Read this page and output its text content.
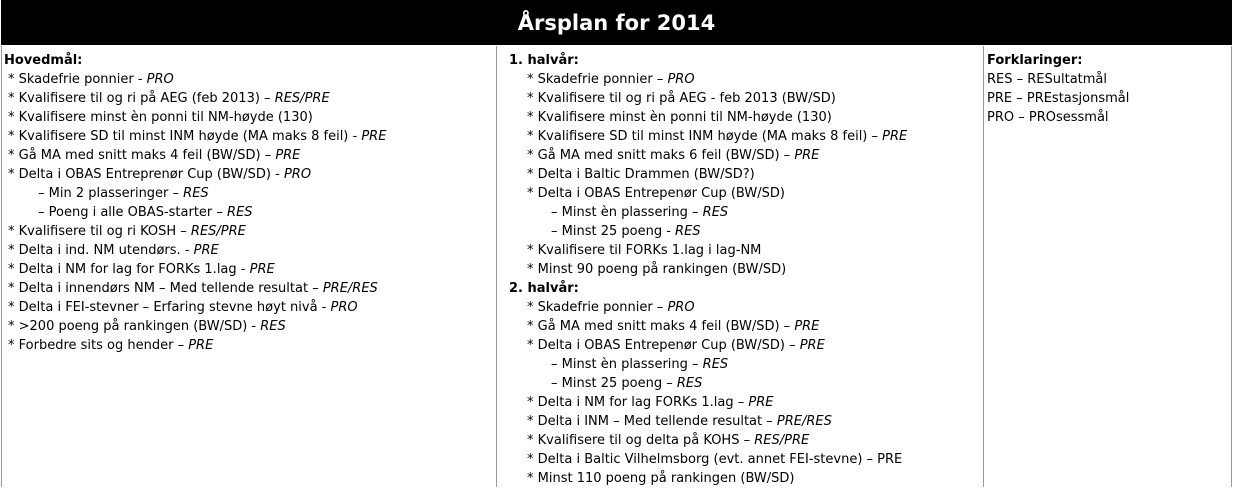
Årsplan for 2014
Hovedmål:
* Skadefrie ponnier - PRO
* Kvalifisere til og ri på AEG (feb 2013) – RES/PRE
* Kvalifisere minst èn ponni til NM-høyde (130)
* Kvalifisere SD til minst INM høyde (MA maks 8 feil) - PRE
* Gå MA med snitt maks 4 feil (BW/SD) – PRE
* Delta i OBAS Entreprenør Cup (BW/SD) - PRO
– Min 2 plasseringer – RES
– Poeng i alle OBAS-starter – RES
* Kvalifisere til og ri KOSH – RES/PRE
* Delta i ind. NM utendørs. - PRE
* Delta i NM for lag for FORKs 1.lag - PRE
* Delta i innendørs NM – Med tellende resultat – PRE/RES
* Delta i FEI-stevner – Erfaring stevne høyt nivå - PRO
* >200 poeng på rankingen (BW/SD) - RES
* Forbedre sits og hender – PRE
1. halvår:
* Skadefrie ponnier – PRO
* Kvalifisere til og ri på AEG - feb 2013 (BW/SD)
* Kvalifisere minst èn ponni til NM-høyde (130)
* Kvalifisere SD til minst INM høyde (MA maks 8 feil) – PRE
* Gå MA med snitt maks 6 feil (BW/SD) – PRE
* Delta i Baltic Drammen (BW/SD?)
* Delta i OBAS Entrepenør Cup (BW/SD)
– Minst èn plassering – RES
– Minst 25 poeng - RES
* Kvalifisere til FORKs 1.lag i lag-NM
* Minst 90 poeng på rankingen (BW/SD)
2. halvår:
* Skadefrie ponnier – PRO
* Gå MA med snitt maks 4 feil (BW/SD) – PRE
* Delta i OBAS Entrepenør Cup (BW/SD) – PRE
– Minst èn plassering – RES
– Minst 25 poeng – RES
* Delta i NM for lag FORKs 1.lag – PRE
* Delta i INM – Med tellende resultat – PRE/RES
* Kvalifisere til og delta på KOHS – RES/PRE
* Delta i Baltic Vilhelmsborg (evt. annet FEI-stevne) – PRE
* Minst 110 poeng på rankingen (BW/SD)
Forklaringer:
RES – RESultatmål
PRE – PREstasjonsmål
PRO – PROsessmål
